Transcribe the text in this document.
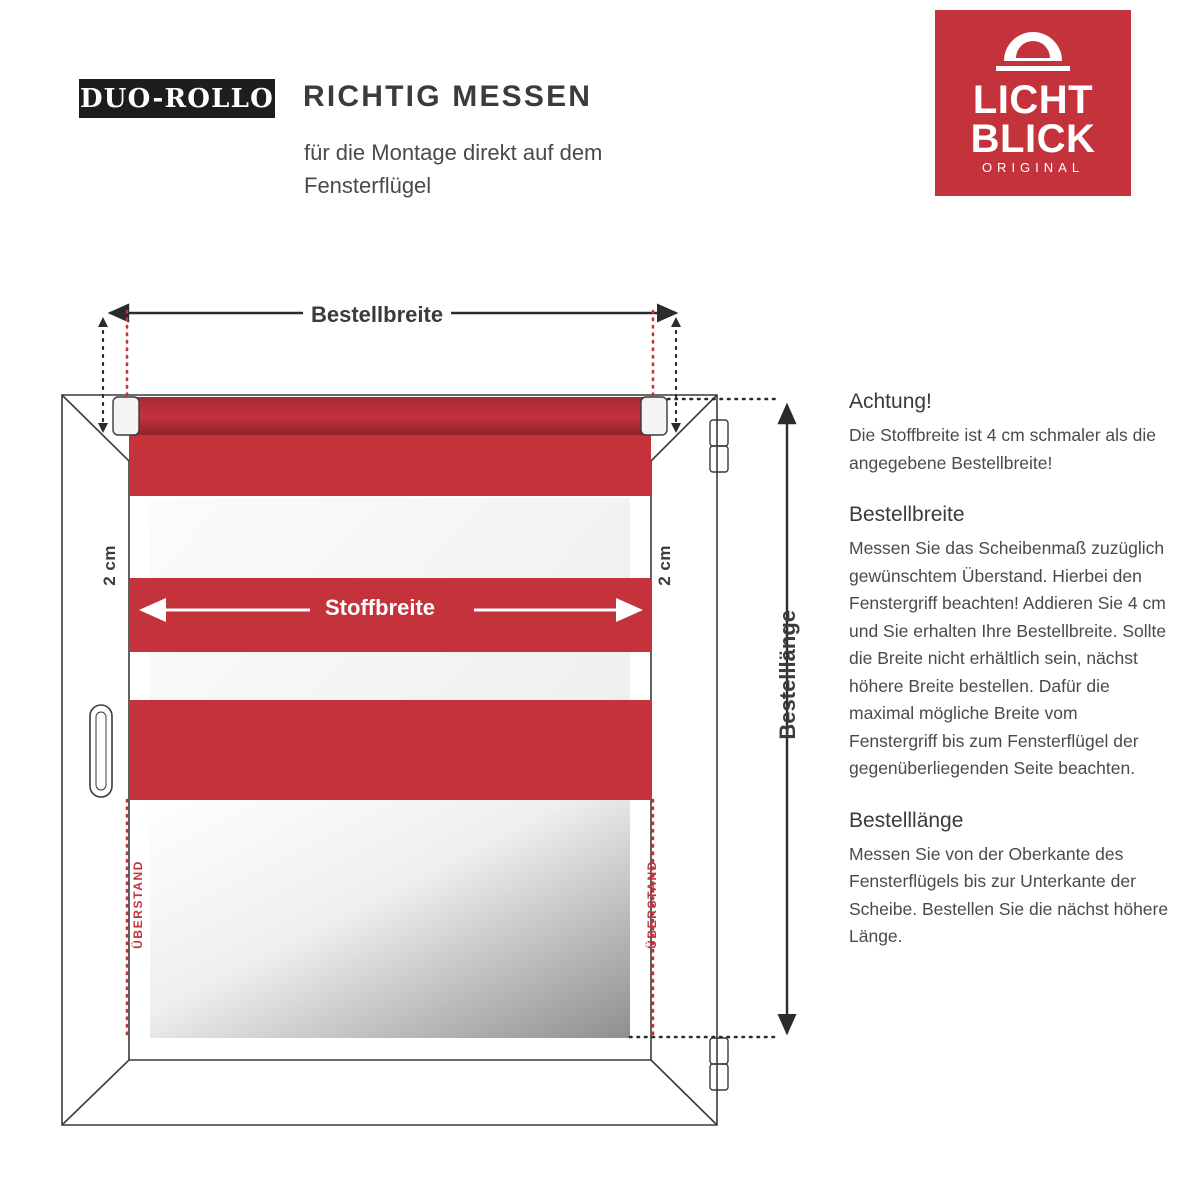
DUO-ROLLO RICHTIG MESSEN
für die Montage direkt auf dem Fensterflügel
LICHT
BLICK
ORIGINAL
Bestellbreite
2 cm	2 cm
Stoffbreite
Bestelllänge
ÜBERSTAND	ÜBERSTAND
Achtung!

Die Stoffbreite ist 4 cm schmaler als die angegebene Bestellbreite!

Bestellbreite

Messen Sie das Scheibenmaß zuzüglich gewünschtem Überstand. Hierbei den Fenstergriff beachten! Addieren Sie 4 cm und Sie erhalten Ihre Bestellbreite. Sollte die Breite nicht erhältlich sein, nächst höhere Breite bestellen. Dafür die maximal mögliche Breite vom Fenstergriff bis zum Fensterflügel der gegenüberliegenden Seite beachten.

Bestelllänge

Messen Sie von der Oberkante des Fensterflügels bis zur Unterkante der Scheibe. Bestellen Sie die nächst höhere Länge.
